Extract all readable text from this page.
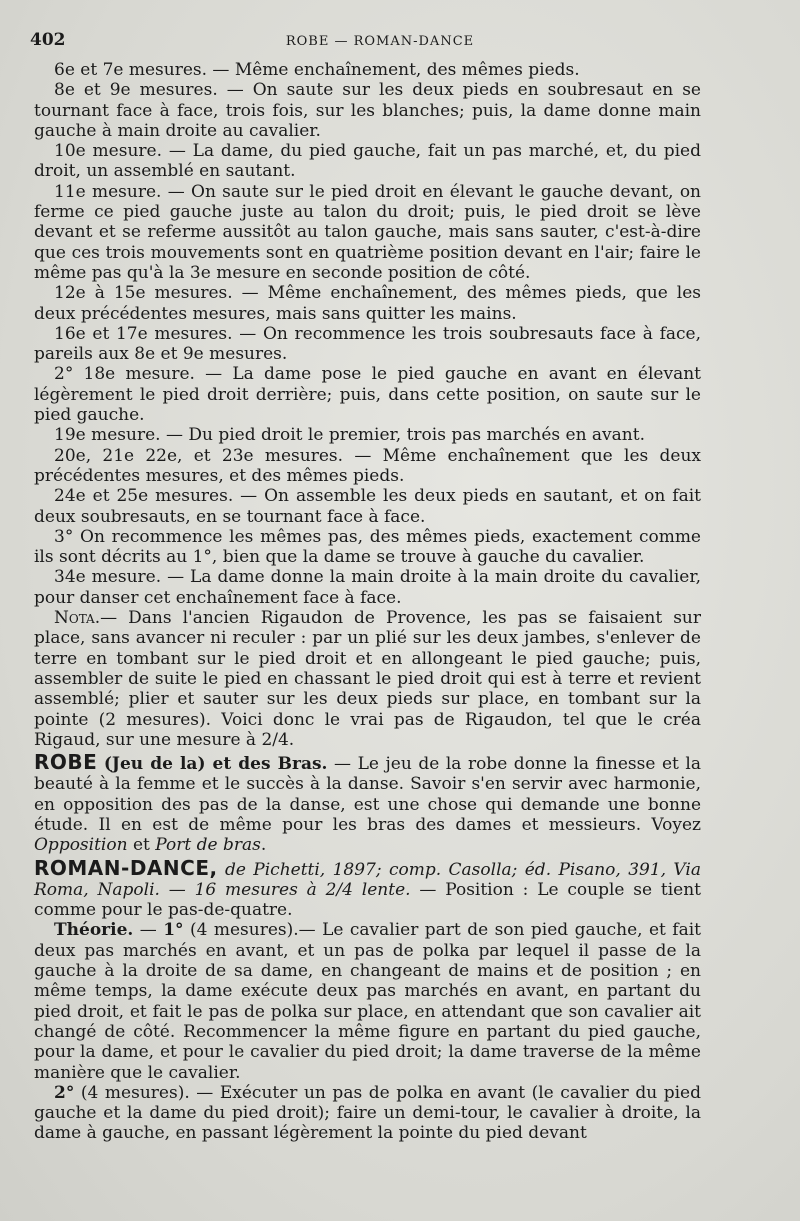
402	ROBE — ROMAN-DANCE

6e et 7e mesures. — Même enchaînement, des mêmes pieds.

8e et 9e mesures. — On saute sur les deux pieds en soubresaut en se tournant face à face, trois fois, sur les blanches; puis, la dame donne main gauche à main droite au cavalier.

10e mesure. — La dame, du pied gauche, fait un pas marché, et, du pied droit, un assemblé en sautant.

11e mesure. — On saute sur le pied droit en élevant le gauche devant, on ferme ce pied gauche juste au talon du droit; puis, le pied droit se lève devant et se referme aussitôt au talon gauche, mais sans sauter, c'est-à-dire que ces trois mouvements sont en quatrième position devant en l'air; faire le même pas qu'à la 3e mesure en seconde position de côté.

12e à 15e mesures. — Même enchaînement, des mêmes pieds, que les deux précédentes mesures, mais sans quitter les mains.

16e et 17e mesures. — On recommence les trois soubresauts face à face, pareils aux 8e et 9e mesures.

2° 18e mesure. — La dame pose le pied gauche en avant en élevant légèrement le pied droit derrière; puis, dans cette position, on saute sur le pied gauche.

19e mesure. — Du pied droit le premier, trois pas marchés en avant.

20e, 21e 22e, et 23e mesures. — Même enchaînement que les deux précédentes mesures, et des mêmes pieds.

24e et 25e mesures. — On assemble les deux pieds en sautant, et on fait deux soubresauts, en se tournant face à face.

3° On recommence les mêmes pas, des mêmes pieds, exactement comme ils sont décrits au 1°, bien que la dame se trouve à gauche du cavalier.

34e mesure. — La dame donne la main droite à la main droite du cavalier, pour danser cet enchaînement face à face.

Nota.— Dans l'ancien Rigaudon de Provence, les pas se faisaient sur place, sans avancer ni reculer : par un plié sur les deux jambes, s'enlever de terre en tombant sur le pied droit et en allongeant le pied gauche; puis, assembler de suite le pied en chassant le pied droit qui est à terre et revient assemblé; plier et sauter sur les deux pieds sur place, en tombant sur la pointe (2 mesures). Voici donc le vrai pas de Rigaudon, tel que le créa Rigaud, sur une mesure à 2/4.

ROBE (Jeu de la) et des Bras. — Le jeu de la robe donne la finesse et la beauté à la femme et le succès à la danse. Savoir s'en servir avec harmonie, en opposition des pas de la danse, est une chose qui demande une bonne étude. Il en est de même pour les bras des dames et messieurs. Voyez Opposition et Port de bras.

ROMAN-DANCE, de Pichetti, 1897; comp. Casolla; éd. Pisano, 391, Via Roma, Napoli. — 16 mesures à 2/4 lente. — Position : Le couple se tient comme pour le pas-de-quatre.

Théorie. — 1° (4 mesures).— Le cavalier part de son pied gauche, et fait deux pas marchés en avant, et un pas de polka par lequel il passe de la gauche à la droite de sa dame, en changeant de mains et de position ; en même temps, la dame exécute deux pas marchés en avant, en partant du pied droit, et fait le pas de polka sur place, en attendant que son cavalier ait changé de côté. Recommencer la même figure en partant du pied gauche, pour la dame, et pour le cavalier du pied droit; la dame traverse de la même manière que le cavalier.

2° (4 mesures). — Exécuter un pas de polka en avant (le cavalier du pied gauche et la dame du pied droit); faire un demi-tour, le cavalier à droite, la dame à gauche, en passant légèrement la pointe du pied devant
